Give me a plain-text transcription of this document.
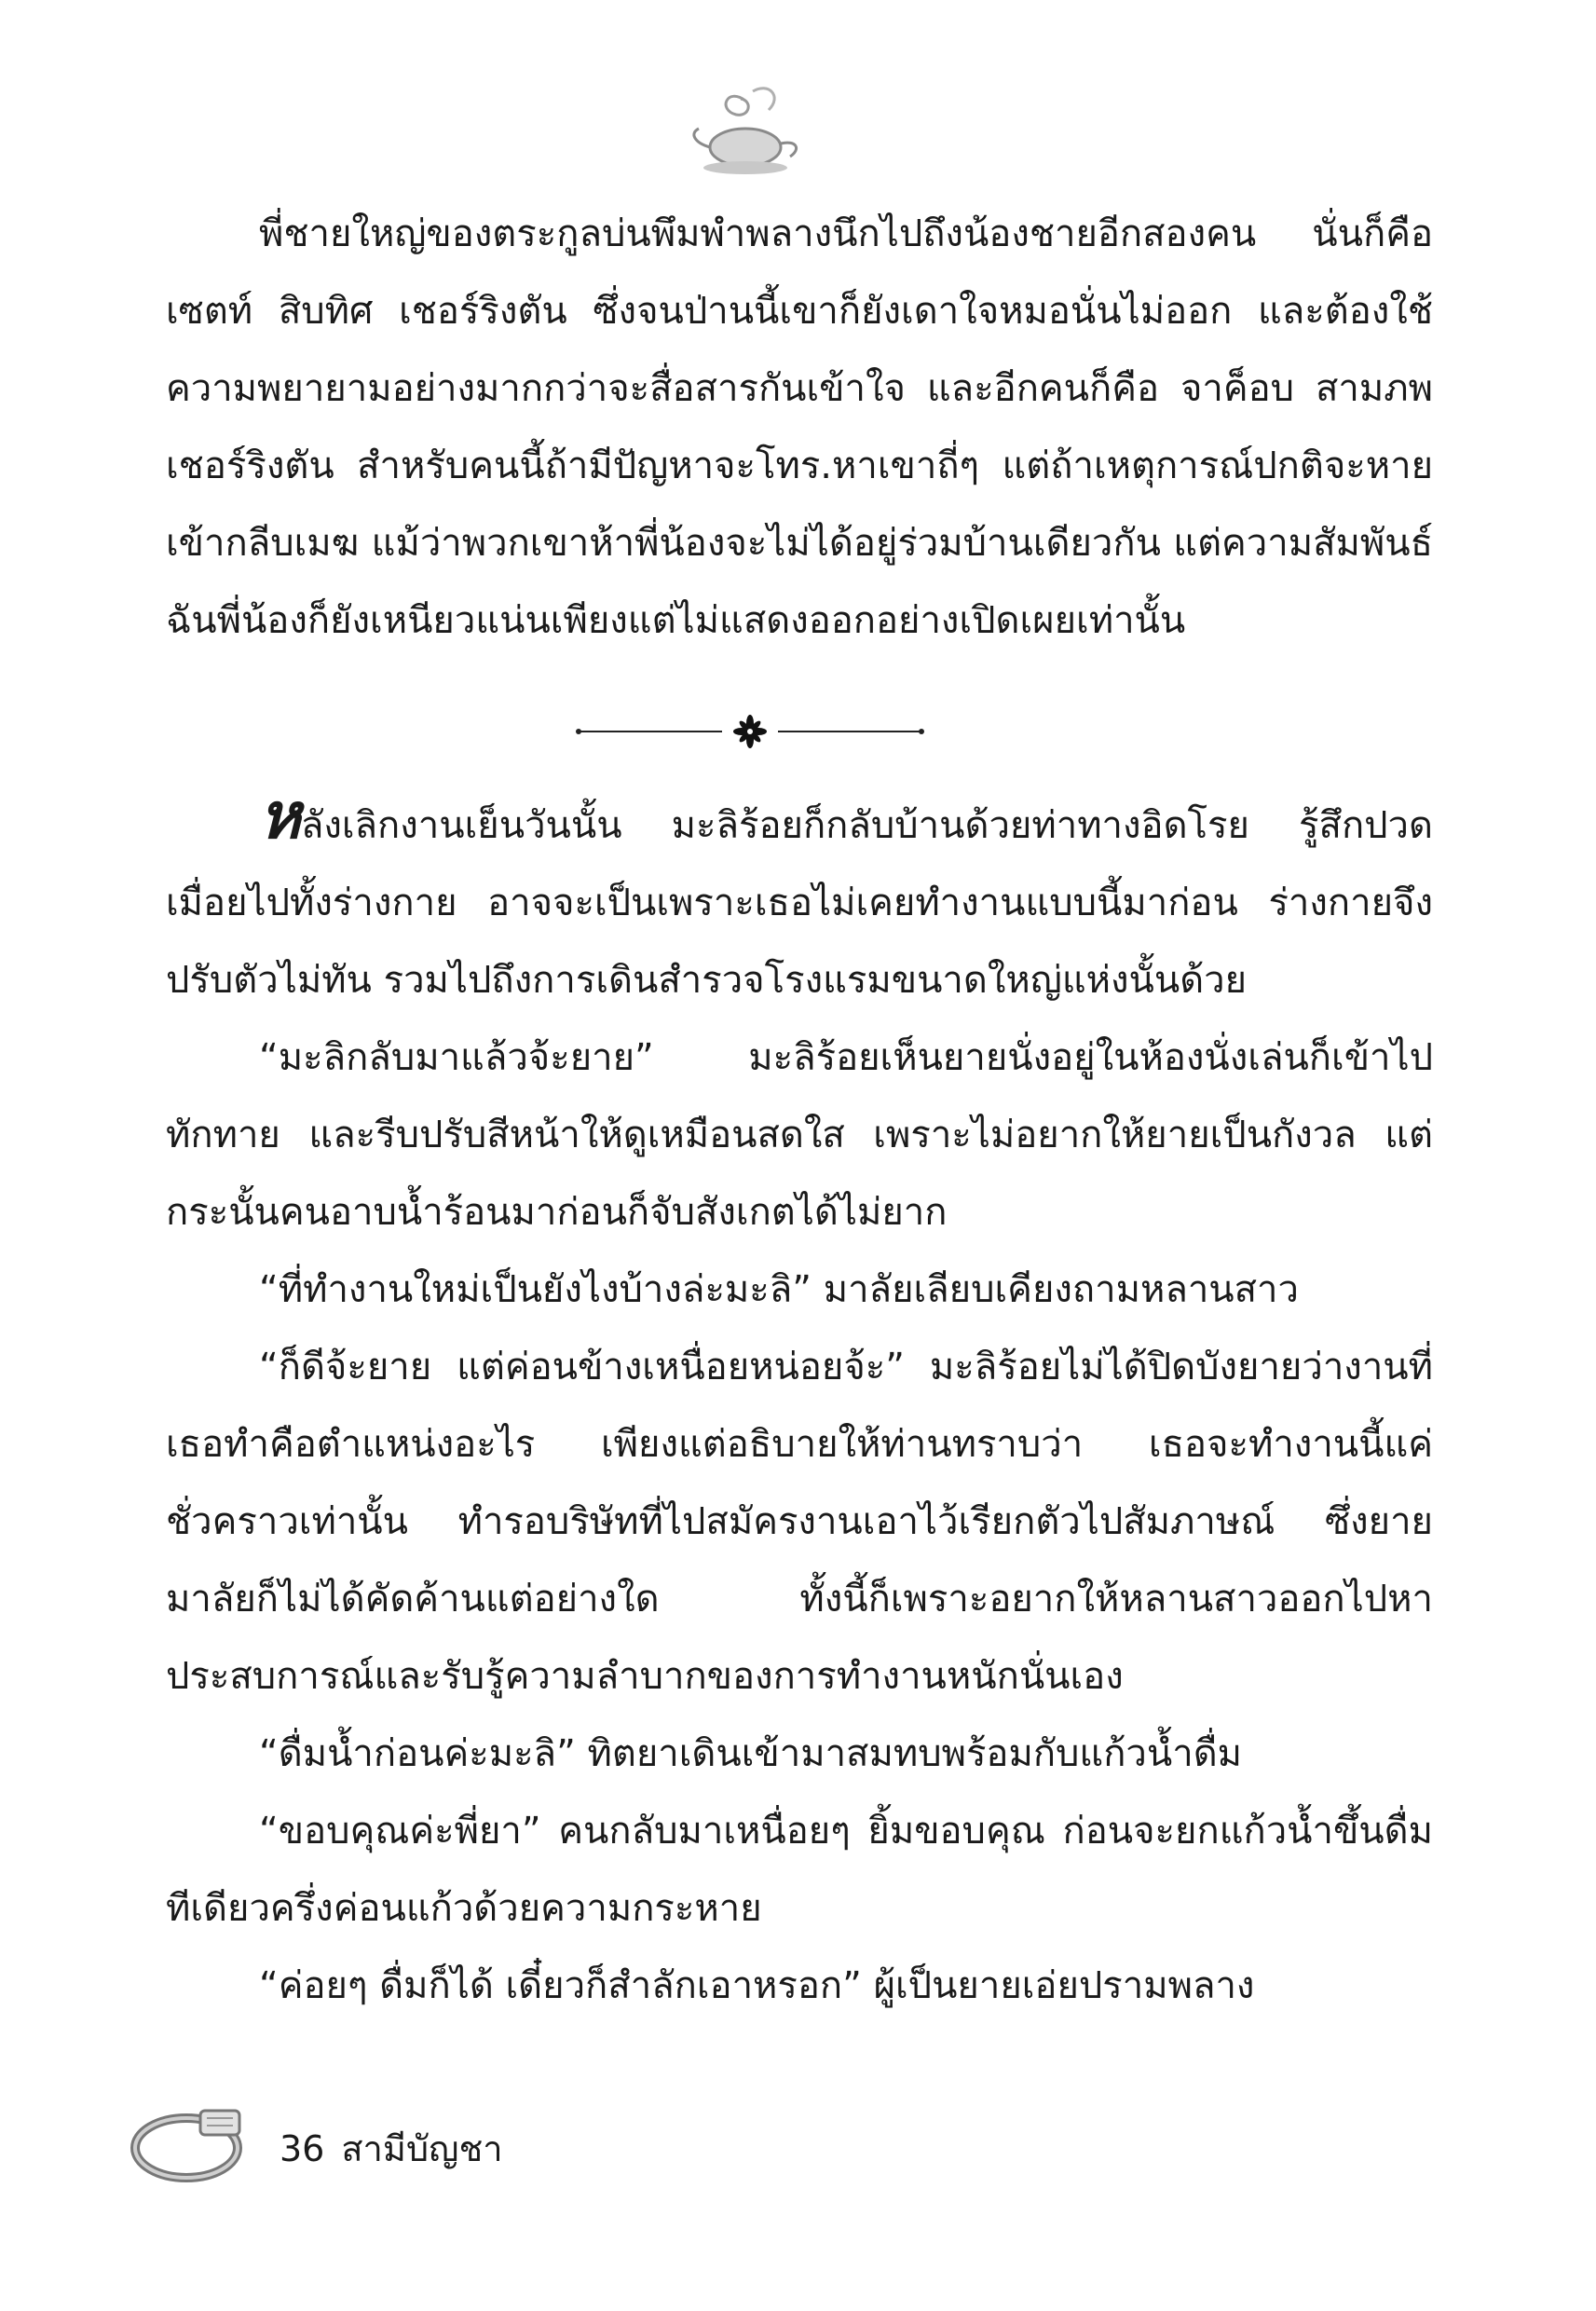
พี่ชายใหญ่ของตระกูลบ่นพึมพำพลางนึกไปถึงน้องชายอีกสองคน นั่นก็คือ เซตท์ สิบทิศ เชอร์ริงตัน ซึ่งจนป่านนี้เขาก็ยังเดาใจหมอนั่นไม่ออก และต้องใช้ความพยายามอย่างมากกว่าจะสื่อสารกันเข้าใจ และอีกคนก็คือ จาค็อบ สามภพ เชอร์ริงตัน สำหรับคนนี้ถ้ามีปัญหาจะโทร.หาเขาถี่ๆ แต่ถ้าเหตุการณ์ปกติจะหายเข้ากลีบเมฆ แม้ว่าพวกเขาห้าพี่น้องจะไม่ได้อยู่ร่วมบ้านเดียวกัน แต่ความสัมพันธ์ฉันพี่น้องก็ยังเหนียวแน่นเพียงแต่ไม่แสดงออกอย่างเปิดเผยเท่านั้น

หลังเลิกงานเย็นวันนั้น มะลิร้อยก็กลับบ้านด้วยท่าทางอิดโรย รู้สึกปวดเมื่อยไปทั้งร่างกาย อาจจะเป็นเพราะเธอไม่เคยทำงานแบบนี้มาก่อน ร่างกายจึงปรับตัวไม่ทัน รวมไปถึงการเดินสำรวจโรงแรมขนาดใหญ่แห่งนั้นด้วย

“มะลิกลับมาแล้วจ้ะยาย” มะลิร้อยเห็นยายนั่งอยู่ในห้องนั่งเล่นก็เข้าไปทักทาย และรีบปรับสีหน้าให้ดูเหมือนสดใส เพราะไม่อยากให้ยายเป็นกังวล แต่กระนั้นคนอาบน้ำร้อนมาก่อนก็จับสังเกตได้ไม่ยาก

“ที่ทำงานใหม่เป็นยังไงบ้างล่ะมะลิ” มาลัยเลียบเคียงถามหลานสาว

“ก็ดีจ้ะยาย แต่ค่อนข้างเหนื่อยหน่อยจ้ะ” มะลิร้อยไม่ได้ปิดบังยายว่างานที่เธอทำคือตำแหน่งอะไร เพียงแต่อธิบายให้ท่านทราบว่า เธอจะทำงานนี้แค่ชั่วคราวเท่านั้น ทำรอบริษัทที่ไปสมัครงานเอาไว้เรียกตัวไปสัมภาษณ์ ซึ่งยายมาลัยก็ไม่ได้คัดค้านแต่อย่างใด ทั้งนี้ก็เพราะอยากให้หลานสาวออกไปหาประสบการณ์และรับรู้ความลำบากของการทำงานหนักนั่นเอง

“ดื่มน้ำก่อนค่ะมะลิ” ทิตยาเดินเข้ามาสมทบพร้อมกับแก้วน้ำดื่ม

“ขอบคุณค่ะพี่ยา” คนกลับมาเหนื่อยๆ ยิ้มขอบคุณ ก่อนจะยกแก้วน้ำขึ้นดื่มทีเดียวครึ่งค่อนแก้วด้วยความกระหาย

“ค่อยๆ ดื่มก็ได้ เดี๋ยวก็สำลักเอาหรอก” ผู้เป็นยายเอ่ยปรามพลาง

36 สามีบัญชา
